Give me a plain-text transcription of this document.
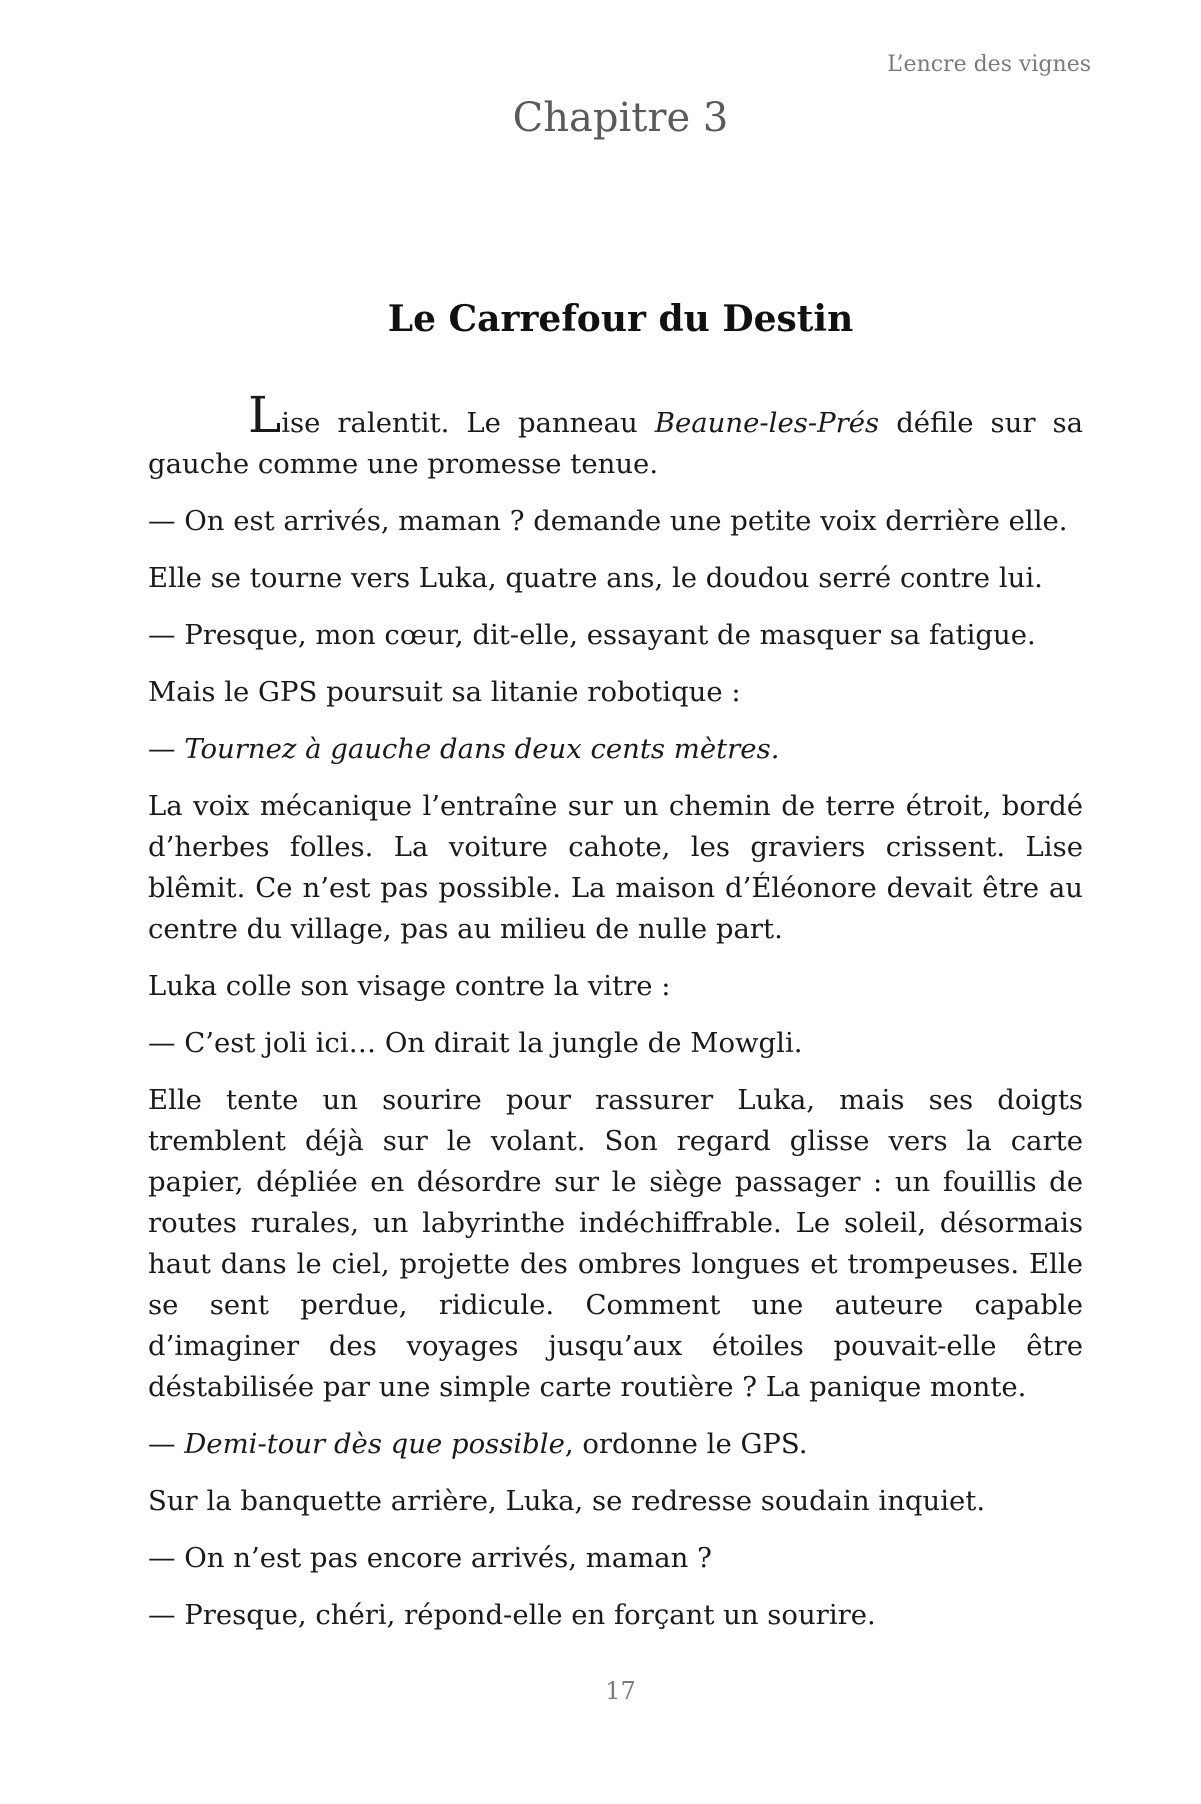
L’encre des vignes
Chapitre 3
Le Carrefour du Destin

Lise ralentit. Le panneau Beaune-les-Prés défile sur sa gauche comme une promesse tenue.

— On est arrivés, maman ? demande une petite voix derrière elle.

Elle se tourne vers Luka, quatre ans, le doudou serré contre lui.

— Presque, mon cœur, dit-elle, essayant de masquer sa fatigue.

Mais le GPS poursuit sa litanie robotique :

— Tournez à gauche dans deux cents mètres.

La voix mécanique l’entraîne sur un chemin de terre étroit, bordé d’herbes folles. La voiture cahote, les graviers crissent. Lise blêmit. Ce n’est pas possible. La maison d’Éléonore devait être au centre du village, pas au milieu de nulle part.

Luka colle son visage contre la vitre :

— C’est joli ici… On dirait la jungle de Mowgli.

Elle tente un sourire pour rassurer Luka, mais ses doigts tremblent déjà sur le volant. Son regard glisse vers la carte papier, dépliée en désordre sur le siège passager : un fouillis de routes rurales, un labyrinthe indéchiffrable. Le soleil, désormais haut dans le ciel, projette des ombres longues et trompeuses. Elle se sent perdue, ridicule. Comment une auteure capable d’imaginer des voyages jusqu’aux étoiles pouvait-elle être déstabilisée par une simple carte routière ? La panique monte.

— Demi-tour dès que possible, ordonne le GPS.

Sur la banquette arrière, Luka, se redresse soudain inquiet.

— On n’est pas encore arrivés, maman ?

— Presque, chéri, répond-elle en forçant un sourire.

17
